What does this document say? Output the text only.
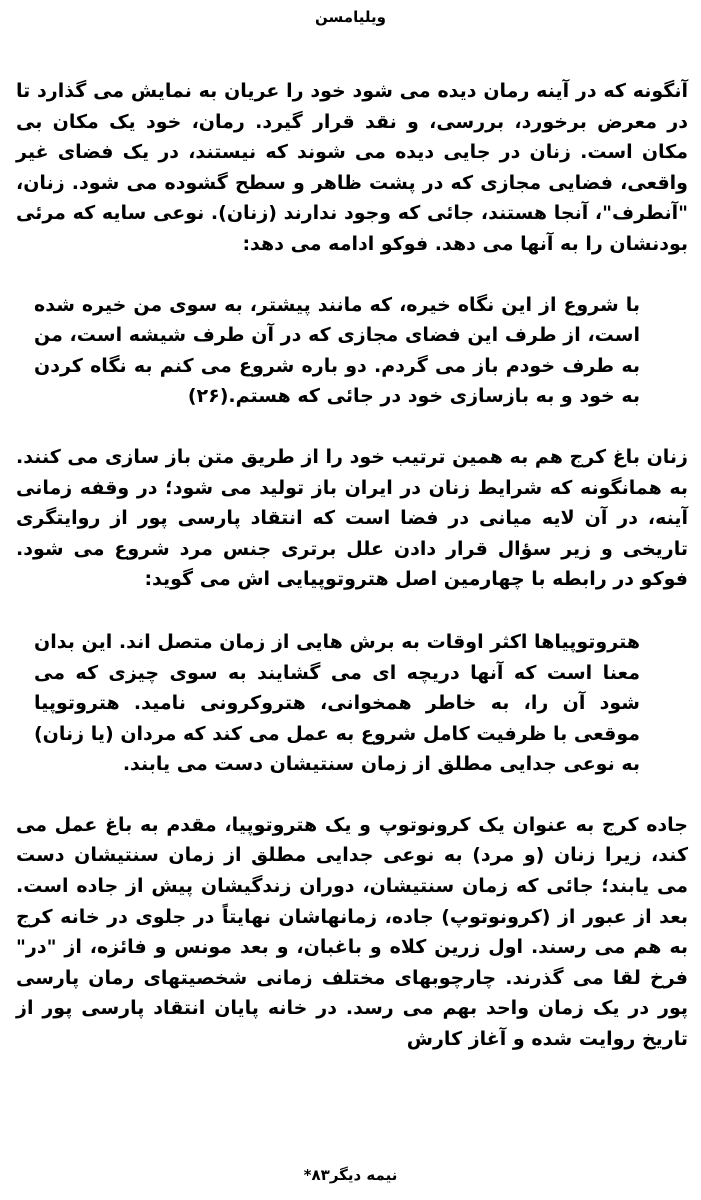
ویلیامسن

آنگونه که در آینه رمان دیده می شود خود را عریان به نمایش می گذارد تا در معرض برخورد، بررسی، و نقد قرار گیرد. رمان، خود یک مکان بی مکان است. زنان در جایی دیده می شوند که نیستند، در یک فضای غیر واقعی، فضایی مجازی که در پشت ظاهر و سطح گشوده می شود. زنان، "آنطرف"، آنجا هستند، جائی که وجود ندارند (زنان). نوعی سایه که مرئی بودنشان را به آنها می دهد. فوکو ادامه می دهد:

با شروع از این نگاه خیره، که مانند پیشتر، به سوی من خیره شده است، از طرف این فضای مجازی که در آن طرف شیشه است، من به طرف خودم باز می گردم. دو باره شروع می کنم به نگاه کردن به خود و به بازسازی خود در جائی که هستم.(۲۶)

زنان باغ کرج هم به همین ترتیب خود را از طریق متن باز سازی می کنند. به همانگونه که شرایط زنان در ایران باز تولید می شود؛ در وقفه زمانی آینه، در آن لایه میانی در فضا است که انتقاد پارسی پور از روایتگری تاریخی و زیر سؤال قرار دادن علل برتری جنس مرد شروع می شود. فوکو در رابطه با چهارمین اصل هتروتوپیایی اش می گوید:

هتروتوپیاها اکثر اوقات به برش هایی از زمان متصل اند. این بدان معنا است که آنها دریچه ای می گشایند به سوی چیزی که می شود آن را، به خاطر همخوانی، هتروکرونی نامید. هتروتوپیا موقعی با ظرفیت کامل شروع به عمل می کند که مردان (یا زنان) به نوعی جدایی مطلق از زمان سنتیشان دست می یابند.

جاده کرج به عنوان یک کرونوتوپ و یک هتروتوپیا، مقدم به باغ عمل می کند، زیرا زنان (و مرد) به نوعی جدایی مطلق از زمان سنتیشان دست می یابند؛ جائی که زمان سنتیشان، دوران زندگیشان پیش از جاده است. بعد از عبور از (کرونوتوپ) جاده، زمانهاشان نهایتاً در جلوی در خانه کرج به هم می رسند. اول زرین کلاه و باغبان، و بعد مونس و فائزه، از "در" فرخ لقا می گذرند. چارچوبهای مختلف زمانی شخصیتهای رمان پارسی پور در یک زمان واحد بهم می رسد. در خانه پایان انتقاد پارسی پور از تاریخ روایت شده و آغاز کارش

نیمه دیگر۸۳*
